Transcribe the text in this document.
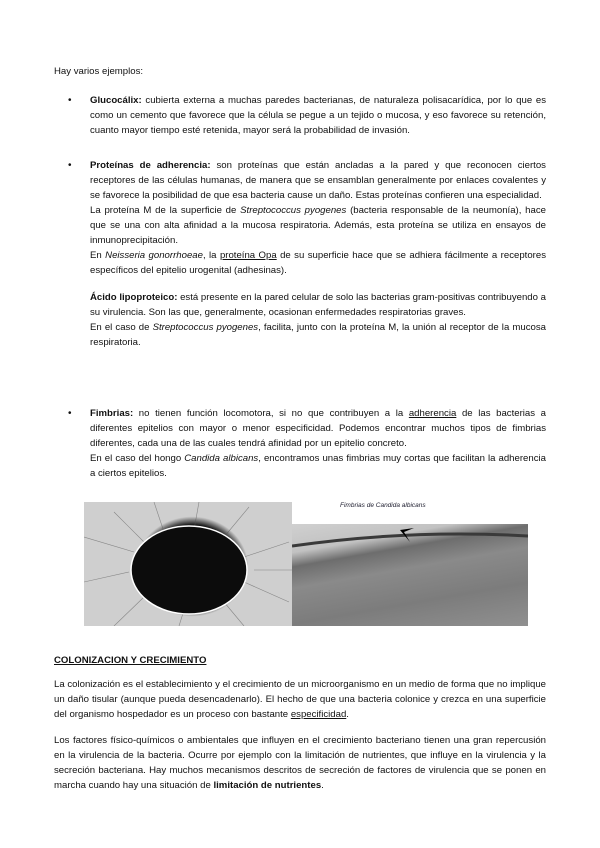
Hay varios ejemplos:

• Glucocálix: cubierta externa a muchas paredes bacterianas, de naturaleza polisacarídica, por lo que es como un cemento que favorece que la célula se pegue a un tejido o mucosa, y eso favorece su retención, cuanto mayor tiempo esté retenida, mayor será la probabilidad de invasión.

• Proteínas de adherencia: son proteínas que están ancladas a la pared y que reconocen ciertos receptores de las células humanas, de manera que se ensamblan generalmente por enlaces covalentes y se favorece la posibilidad de que esa bacteria cause un daño. Estas proteínas confieren una especialidad.

La proteína M de la superficie de Streptococcus pyogenes (bacteria responsable de la neumonía), hace que se una con alta afinidad a la mucosa respiratoria. Además, esta proteína se utiliza en ensayos de inmunoprecipitación.

En Neisseria gonorrhoeae, la proteína Opa de su superficie hace que se adhiera fácilmente a receptores específicos del epitelio urogenital (adhesinas).

Ácido lipoproteico: está presente en la pared celular de solo las bacterias gram-positivas contribuyendo a su virulencia. Son las que, generalmente, ocasionan enfermedades respiratorias graves.

En el caso de Streptococcus pyogenes, facilita, junto con la proteína M, la unión al receptor de la mucosa respiratoria.

• Fimbrias: no tienen función locomotora, si no que contribuyen a la adherencia de las bacterias a diferentes epitelios con mayor o menor especificidad. Podemos encontrar muchos tipos de fimbrias diferentes, cada una de las cuales tendrá afinidad por un epitelio concreto.

En el caso del hongo Candida albicans, encontramos unas fimbrias muy cortas que facilitan la adherencia a ciertos epitelios.

Fimbrias de Candida albicans

COLONIZACION Y CRECIMIENTO

La colonización es el establecimiento y el crecimiento de un microorganismo en un medio de forma que no implique un daño tisular (aunque pueda desencadenarlo). El hecho de que una bacteria colonice y crezca en una superficie del organismo hospedador es un proceso con bastante especificidad.

Los factores físico-químicos o ambientales que influyen en el crecimiento bacteriano tienen una gran repercusión en la virulencia de la bacteria. Ocurre por ejemplo con la limitación de nutrientes, que influye en la virulencia y la secreción bacteriana. Hay muchos mecanismos descritos de secreción de factores de virulencia que se ponen en marcha cuando hay una situación de limitación de nutrientes.
